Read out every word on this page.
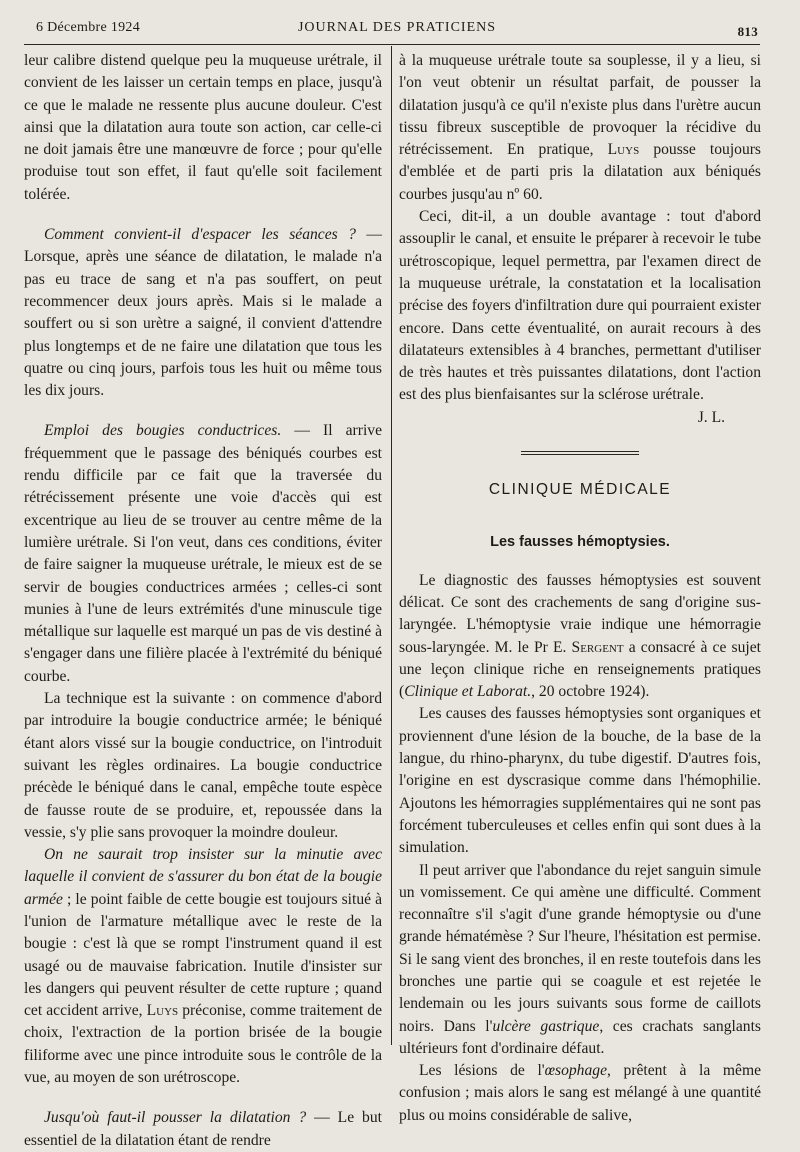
6 Décembre 1924	JOURNAL DES PRATICIENS	813

leur calibre distend quelque peu la muqueuse urétrale, il convient de les laisser un certain temps en place, jusqu'à ce que le malade ne ressente plus aucune douleur. C'est ainsi que la dilatation aura toute son action, car celle-ci ne doit jamais être une manœuvre de force ; pour qu'elle produise tout son effet, il faut qu'elle soit facilement tolérée.

Comment convient-il d'espacer les séances ? — Lorsque, après une séance de dilatation, le malade n'a pas eu trace de sang et n'a pas souffert, on peut recommencer deux jours après. Mais si le malade a souffert ou si son urètre a saigné, il convient d'attendre plus longtemps et de ne faire une dilatation que tous les quatre ou cinq jours, parfois tous les huit ou même tous les dix jours.

Emploi des bougies conductrices. — Il arrive fréquemment que le passage des béniqués courbes est rendu difficile par ce fait que la traversée du rétrécissement présente une voie d'accès qui est excentrique au lieu de se trouver au centre même de la lumière urétrale. Si l'on veut, dans ces conditions, éviter de faire saigner la muqueuse urétrale, le mieux est de se servir de bougies conductrices armées ; celles-ci sont munies à l'une de leurs extrémités d'une minuscule tige métallique sur laquelle est marqué un pas de vis destiné à s'engager dans une filière placée à l'extrémité du béniqué courbe.

La technique est la suivante : on commence d'abord par introduire la bougie conductrice armée; le béniqué étant alors vissé sur la bougie conductrice, on l'introduit suivant les règles ordinaires. La bougie conductrice précède le béniqué dans le canal, empêche toute espèce de fausse route de se produire, et, repoussée dans la vessie, s'y plie sans provoquer la moindre douleur.

On ne saurait trop insister sur la minutie avec laquelle il convient de s'assurer du bon état de la bougie armée ; le point faible de cette bougie est toujours situé à l'union de l'armature métallique avec le reste de la bougie : c'est là que se rompt l'instrument quand il est usagé ou de mauvaise fabrication. Inutile d'insister sur les dangers qui peuvent résulter de cette rupture ; quand cet accident arrive, Luys préconise, comme traitement de choix, l'extraction de la portion brisée de la bougie filiforme avec une pince introduite sous le contrôle de la vue, au moyen de son urétroscope.

Jusqu'où faut-il pousser la dilatation ? — Le but essentiel de la dilatation étant de rendre

à la muqueuse urétrale toute sa souplesse, il y a lieu, si l'on veut obtenir un résultat parfait, de pousser la dilatation jusqu'à ce qu'il n'existe plus dans l'urètre aucun tissu fibreux susceptible de provoquer la récidive du rétrécissement. En pratique, Luys pousse toujours d'emblée et de parti pris la dilatation aux béniqués courbes jusqu'au nº 60.

Ceci, dit-il, a un double avantage : tout d'abord assouplir le canal, et ensuite le préparer à recevoir le tube urétroscopique, lequel permettra, par l'examen direct de la muqueuse urétrale, la constatation et la localisation précise des foyers d'infiltration dure qui pourraient exister encore. Dans cette éventualité, on aurait recours à des dilatateurs extensibles à 4 branches, permettant d'utiliser de très hautes et très puissantes dilatations, dont l'action est des plus bienfaisantes sur la sclérose urétrale.

J. L.

CLINIQUE MÉDICALE
Les fausses hémoptysies.

Le diagnostic des fausses hémoptysies est souvent délicat. Ce sont des crachements de sang d'origine sus-laryngée. L'hémoptysie vraie indique une hémorragie sous-laryngée. M. le Pr E. Sergent a consacré à ce sujet une leçon clinique riche en renseignements pratiques (Clinique et Laborat., 20 octobre 1924).

Les causes des fausses hémoptysies sont organiques et proviennent d'une lésion de la bouche, de la base de la langue, du rhino-pharynx, du tube digestif. D'autres fois, l'origine en est dyscrasique comme dans l'hémophilie. Ajoutons les hémorragies supplémentaires qui ne sont pas forcément tuberculeuses et celles enfin qui sont dues à la simulation.

Il peut arriver que l'abondance du rejet sanguin simule un vomissement. Ce qui amène une difficulté. Comment reconnaître s'il s'agit d'une grande hémoptysie ou d'une grande hématémèse ? Sur l'heure, l'hésitation est permise. Si le sang vient des bronches, il en reste toutefois dans les bronches une partie qui se coagule et est rejetée le lendemain ou les jours suivants sous forme de caillots noirs. Dans l'ulcère gastrique, ces crachats sanglants ultérieurs font d'ordinaire défaut.

Les lésions de l'œsophage, prêtent à la même confusion ; mais alors le sang est mélangé à une quantité plus ou moins considérable de salive,
